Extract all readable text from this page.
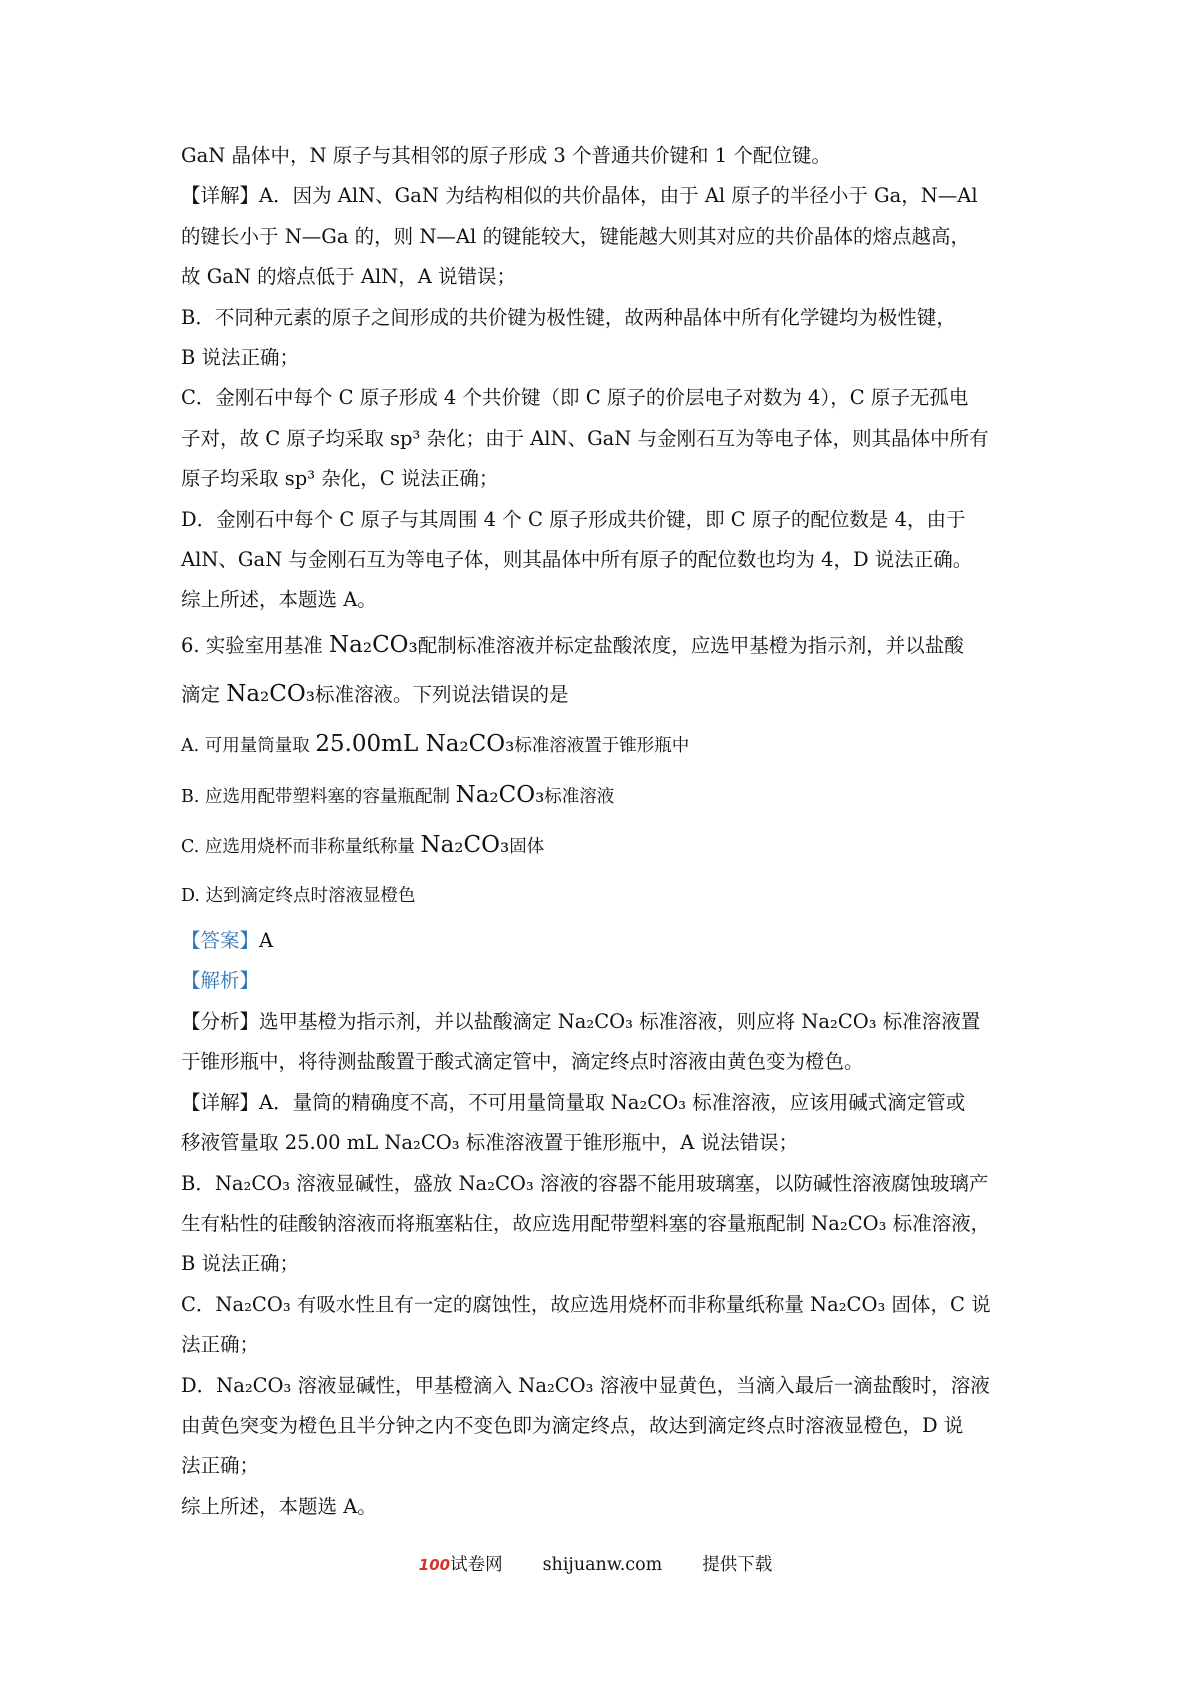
GaN 晶体中，N 原子与其相邻的原子形成 3 个普通共价键和 1 个配位键。

【详解】A．因为 AlN、GaN 为结构相似的共价晶体，由于 Al 原子的半径小于 Ga，N—Al

的键长小于 N—Ga 的，则 N—Al 的键能较大，键能越大则其对应的共价晶体的熔点越高，

故 GaN 的熔点低于 AlN，A 说错误；

B．不同种元素的原子之间形成的共价键为极性键，故两种晶体中所有化学键均为极性键，

B 说法正确；

C．金刚石中每个 C 原子形成 4 个共价键（即 C 原子的价层电子对数为 4），C 原子无孤电

子对，故 C 原子均采取 sp³ 杂化；由于 AlN、GaN 与金刚石互为等电子体，则其晶体中所有

原子均采取 sp³ 杂化，C 说法正确；

D．金刚石中每个 C 原子与其周围 4 个 C 原子形成共价键，即 C 原子的配位数是 4，由于

AlN、GaN 与金刚石互为等电子体，则其晶体中所有原子的配位数也均为 4，D 说法正确。

综上所述，本题选 A。

6. 实验室用基准 Na₂CO₃配制标准溶液并标定盐酸浓度，应选甲基橙为指示剂，并以盐酸

滴定 Na₂CO₃标准溶液。下列说法错误的是

A. 可用量筒量取 25.00mL Na₂CO₃标准溶液置于锥形瓶中

B. 应选用配带塑料塞的容量瓶配制 Na₂CO₃标准溶液

C. 应选用烧杯而非称量纸称量 Na₂CO₃固体

D. 达到滴定终点时溶液显橙色

【答案】A

【解析】

【分析】选甲基橙为指示剂，并以盐酸滴定 Na₂CO₃ 标准溶液，则应将 Na₂CO₃ 标准溶液置

于锥形瓶中，将待测盐酸置于酸式滴定管中，滴定终点时溶液由黄色变为橙色。

【详解】A．量筒的精确度不高，不可用量筒量取 Na₂CO₃ 标准溶液，应该用碱式滴定管或

移液管量取 25.00 mL Na₂CO₃ 标准溶液置于锥形瓶中，A 说法错误；

B．Na₂CO₃ 溶液显碱性，盛放 Na₂CO₃ 溶液的容器不能用玻璃塞，以防碱性溶液腐蚀玻璃产

生有粘性的硅酸钠溶液而将瓶塞粘住，故应选用配带塑料塞的容量瓶配制 Na₂CO₃ 标准溶液，

B 说法正确；

C．Na₂CO₃ 有吸水性且有一定的腐蚀性，故应选用烧杯而非称量纸称量 Na₂CO₃ 固体，C 说

法正确；

D．Na₂CO₃ 溶液显碱性，甲基橙滴入 Na₂CO₃ 溶液中显黄色，当滴入最后一滴盐酸时，溶液

由黄色突变为橙色且半分钟之内不变色即为滴定终点，故达到滴定终点时溶液显橙色，D 说

法正确；

综上所述，本题选 A。

100试卷网 shijuanw.com 提供下载
